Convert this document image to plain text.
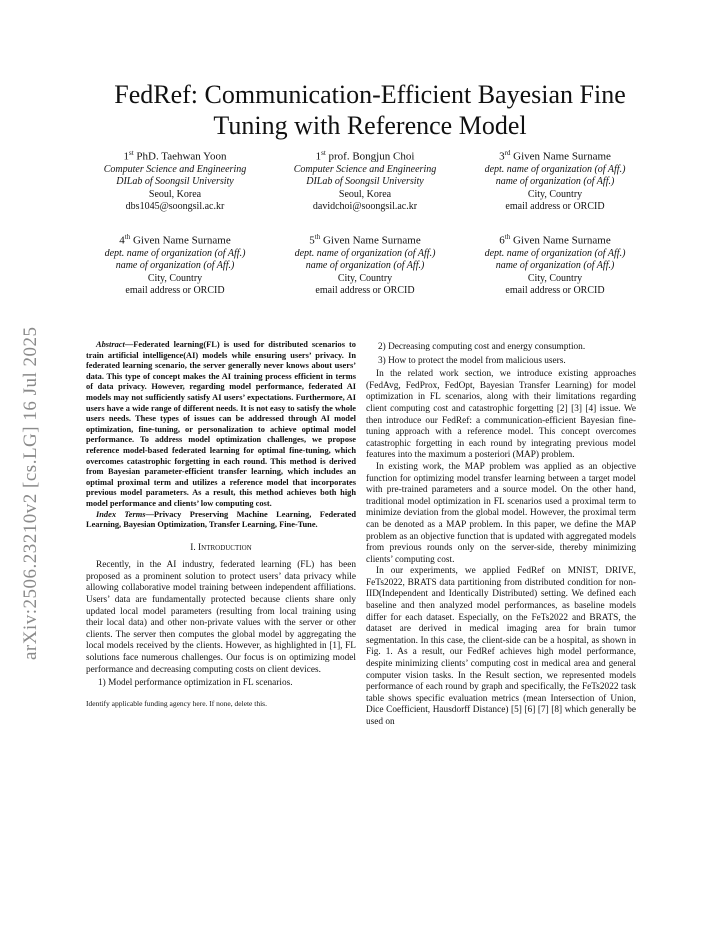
arXiv:2506.23210v2 [cs.LG] 16 Jul 2025
FedRef: Communication-Efficient Bayesian Fine Tuning with Reference Model
1st PhD. Taehwan Yoon
Computer Science and Engineering
DILab of Soongsil University
Seoul, Korea
dbs1045@soongsil.ac.kr
1st prof. Bongjun Choi
Computer Science and Engineering
DILab of Soongsil University
Seoul, Korea
davidchoi@soongsil.ac.kr
3rd Given Name Surname
dept. name of organization (of Aff.)
name of organization (of Aff.)
City, Country
email address or ORCID
4th Given Name Surname
dept. name of organization (of Aff.)
name of organization (of Aff.)
City, Country
email address or ORCID
5th Given Name Surname
dept. name of organization (of Aff.)
name of organization (of Aff.)
City, Country
email address or ORCID
6th Given Name Surname
dept. name of organization (of Aff.)
name of organization (of Aff.)
City, Country
email address or ORCID

Abstract—Federated learning(FL) is used for distributed scenarios to train artificial intelligence(AI) models while ensuring users’ privacy. In federated learning scenario, the server generally never knows about users’ data. This type of concept makes the AI training process efficient in terms of data privacy. However, regarding model performance, federated AI models may not sufficiently satisfy AI users’ expectations. Furthermore, AI users have a wide range of different needs. It is not easy to satisfy the whole users needs. These types of issues can be addressed through AI model optimization, fine-tuning, or personalization to achieve optimal model performance. To address model optimization challenges, we propose reference model-based federated learning for optimal fine-tuning, which overcomes catastrophic forgetting in each round. This method is derived from Bayesian parameter-efficient transfer learning, which includes an optimal proximal term and utilizes a reference model that incorporates previous model parameters. As a result, this method achieves both high model performance and clients’ low computing cost.

Index Terms—Privacy Preserving Machine Learning, Federated Learning, Bayesian Optimization, Transfer Learning, Fine-Tune.

I. Introduction

Recently, in the AI industry, federated learning (FL) has been proposed as a prominent solution to protect users’ data privacy while allowing collaborative model training between independent affiliations. Users’ data are fundamentally protected because clients share only updated local model parameters (resulting from local training using their local data) and other non-private values with the server or other clients. The server then computes the global model by aggregating the local models received by the clients. However, as highlighted in [1], FL solutions face numerous challenges. Our focus is on optimizing model performance and decreasing computing costs on client devices.

1) Model performance optimization in FL scenarios.
Identify applicable funding agency here. If none, delete this.
2) Decreasing computing cost and energy consumption.
3) How to protect the model from malicious users.

In the related work section, we introduce existing approaches (FedAvg, FedProx, FedOpt, Bayesian Transfer Learning) for model optimization in FL scenarios, along with their limitations regarding client computing cost and catastrophic forgetting [2] [3] [4] issue. We then introduce our FedRef: a communication-efficient Bayesian fine-tuning approach with a reference model. This concept overcomes catastrophic forgetting in each round by integrating previous model features into the maximum a posteriori (MAP) problem.

In existing work, the MAP problem was applied as an objective function for optimizing model transfer learning between a target model with pre-trained parameters and a source model. On the other hand, traditional model optimization in FL scenarios used a proximal term to minimize deviation from the global model. However, the proximal term can be denoted as a MAP problem. In this paper, we define the MAP problem as an objective function that is updated with aggregated models from previous rounds only on the server-side, thereby minimizing clients’ computing cost.

In our experiments, we applied FedRef on MNIST, DRIVE, FeTs2022, BRATS data partitioning from distributed condition for non-IID(Independent and Identically Distributed) setting. We defined each baseline and then analyzed model performances, as baseline models differ for each dataset. Especially, on the FeTs2022 and BRATS, the dataset are derived in medical imaging area for brain tumor segmentation. In this case, the client-side can be a hospital, as shown in Fig. 1. As a result, our FedRef achieves high model performance, despite minimizing clients’ computing cost in medical area and general computer vision tasks. In the Result section, we represented models performance of each round by graph and specifically, the FeTs2022 task table shows specific evaluation metrics (mean Intersection of Union, Dice Coefficient, Hausdorff Distance) [5] [6] [7] [8] which generally be used on
